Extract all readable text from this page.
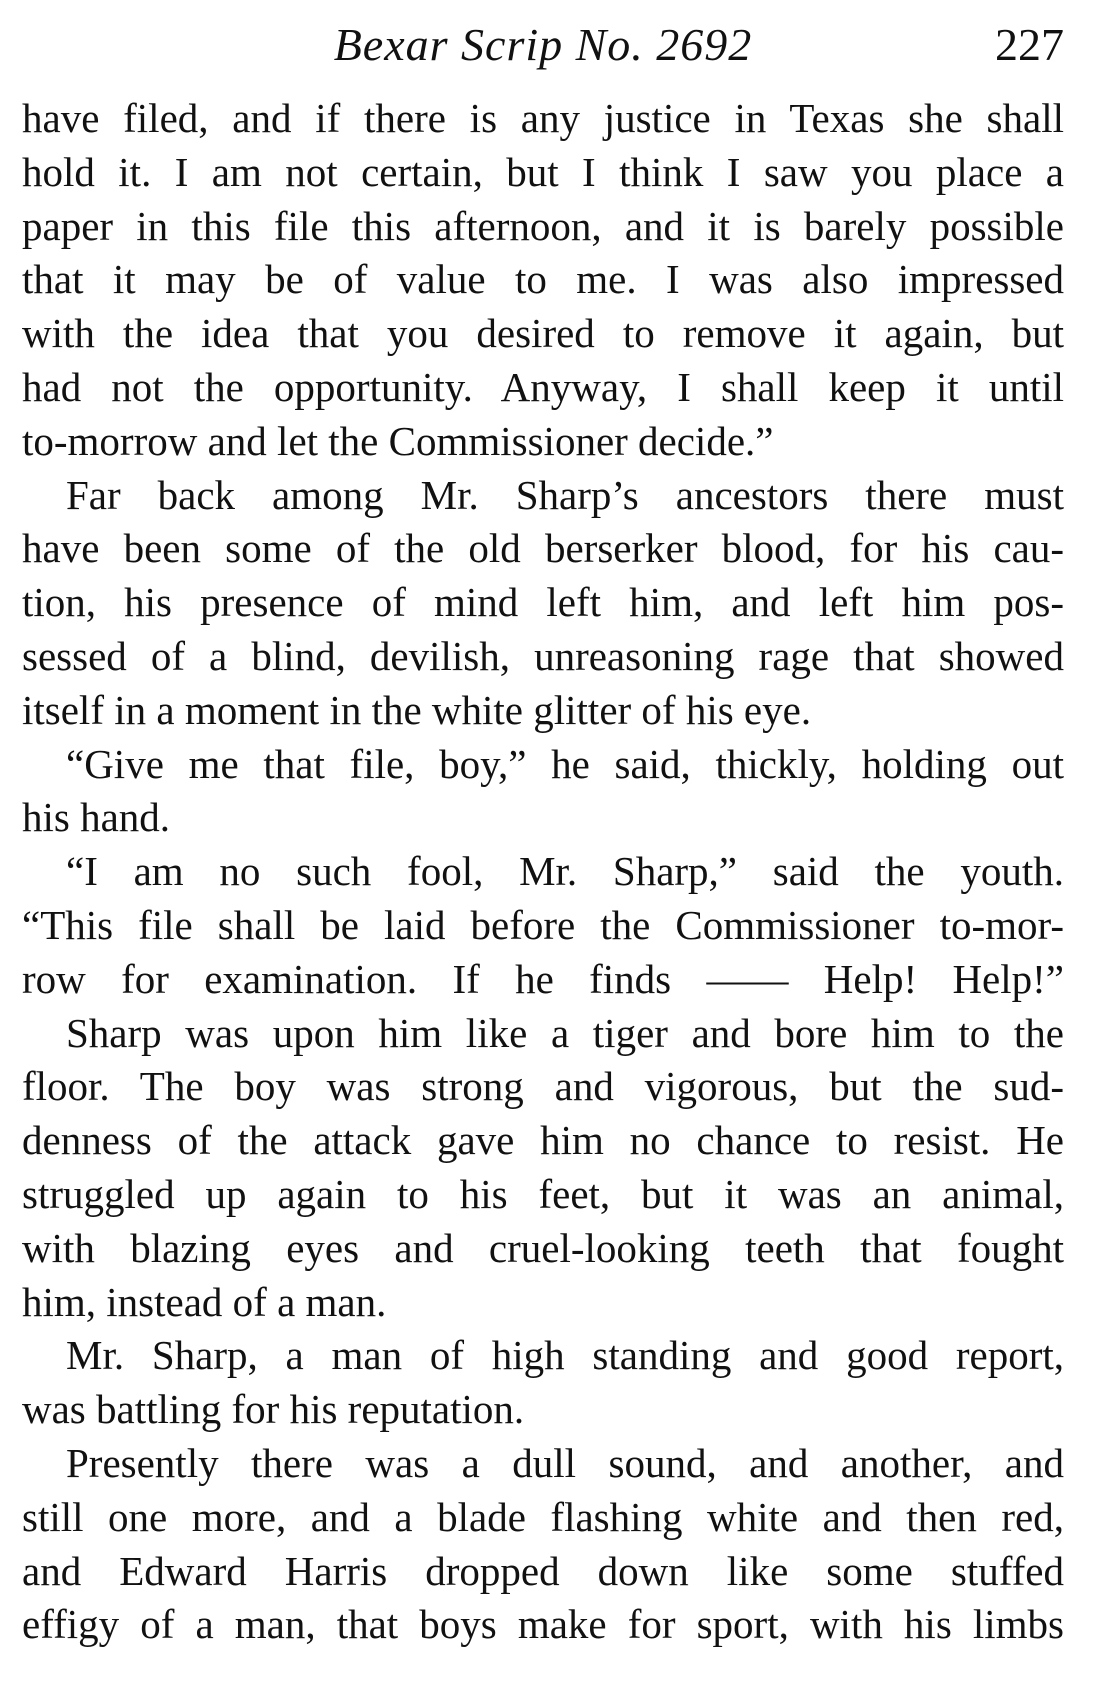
Bexar Scrip No. 2692	227
have filed, and if there is any justice in Texas she shall
hold it. I am not certain, but I think I saw you place a
paper in this file this afternoon, and it is barely possible
that it may be of value to me. I was also impressed
with the idea that you desired to remove it again, but
had not the opportunity. Anyway, I shall keep it until
to-morrow and let the Commissioner decide.”
Far back among Mr. Sharp’s ancestors there must
have been some of the old berserker blood, for his cau-
tion, his presence of mind left him, and left him pos-
sessed of a blind, devilish, unreasoning rage that showed
itself in a moment in the white glitter of his eye.
“Give me that file, boy,” he said, thickly, holding out
his hand.
“I am no such fool, Mr. Sharp,” said the youth.
“This file shall be laid before the Commissioner to-mor-
row for examination. If he finds —— Help! Help!”
Sharp was upon him like a tiger and bore him to the
floor. The boy was strong and vigorous, but the sud-
denness of the attack gave him no chance to resist. He
struggled up again to his feet, but it was an animal,
with blazing eyes and cruel-looking teeth that fought
him, instead of a man.
Mr. Sharp, a man of high standing and good report,
was battling for his reputation.
Presently there was a dull sound, and another, and
still one more, and a blade flashing white and then red,
and Edward Harris dropped down like some stuffed
effigy of a man, that boys make for sport, with his limbs
